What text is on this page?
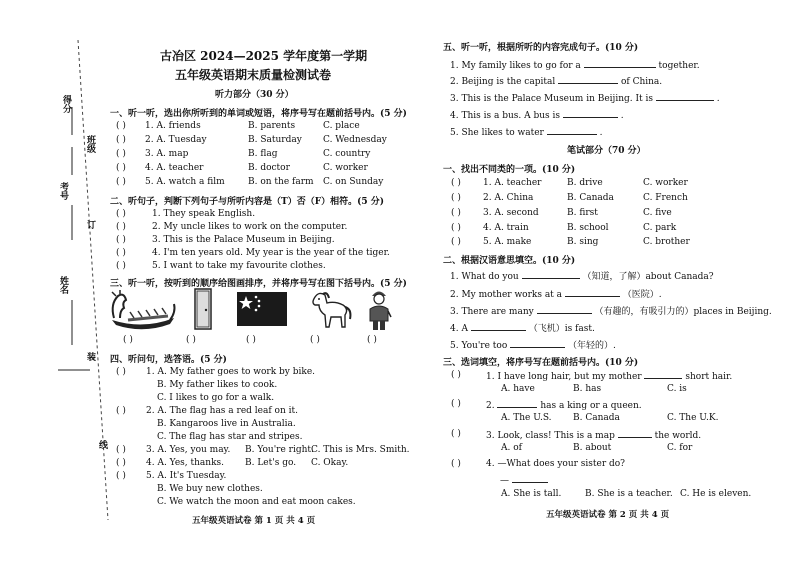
得分
班级
考号
订
姓名
装
线
古冶区 2024—2025 学年度第一学期
五年级英语期末质量检测试卷
听力部分（30 分）
一、听一听，选出你所听到的单词或短语，将序号写在题前括号内。(5 分)
( ) 1. A. friends	B. parents	C. place
( ) 2. A. Tuesday	B. Saturday C. Wednesday
( ) 3. A. map	B. flag	C. country
( ) 4. A. teacher	B. doctor	C. worker
( ) 5. A. watch a film	B. on the farm C. on Sunday
二、听句子，判断下列句子与所听内容是（T）否（F）相符。(5 分)
( )	1. They speak English.
( )	2. My uncle likes to work on the computer.
( )	3. This is the Palace Museum in Beijing.
( )	4. I'm ten years old. My year is the year of the tiger.
( )	5. I want to take my favourite clothes.
三、听一听，按听到的顺序给图画排序，并将序号写在图下括号内。(5 分)
( )	( )	( )	( )	( )
四、听问句，选答语。(5 分)
( ) 1. A. My father goes to work by bike.
B. My father likes to cook.
C. I likes to go for a walk.
( ) 2. A. The flag has a red leaf on it.
B. Kangaroos live in Australia.
C. The flag has star and stripes.
( ) 3. A. Yes, you may. B. You're right.
C. This is Mrs. Smith.
( ) 4. A. Yes, thanks. B. Let's go. C. Okay.
( ) 5. A. It's Tuesday.
B. We buy new clothes.
C. We watch the moon and eat moon cakes.
五年级英语试卷 第 1 页 共 4 页
五、听一听，根据所听的内容完成句子。(10 分)
1. My family likes to go for a	together.
2. Beijing is the capital	of China.
3. This is the Palace Museum in Beijing. It is	.
4. This is a bus. A bus is	.
5. She likes to water	.
笔试部分（70 分）
一、找出不同类的一项。(10 分)
( ) 1. A. teacher	B. drive	C. worker
( ) 2. A. China	B. Canada	C. French
( ) 3. A. second	B. first	C. five
( ) 4. A. train	B. school	C. park
( ) 5. A. make	B. sing	C. brother
二、根据汉语意思填空。(10 分)
1. What do you	（知道，了解）about Canada?
2. My mother works at a	（医院）.
3. There are many	（有趣的，有吸引力的）places in Beijing.
4. A	（飞机）is fast.
5. You're too	（年轻的）.
三、选词填空，将序号写在题前括号内。(10 分)
( )	1. I have long hair, but my mother	short hair.
A. have	B. has	C. is
( )	2.	has a king or a queen.
A. The U.S. B. Canada	C. The U.K.
( )	3. Look, class! This is a map	the world.
A. of	B. about	C. for
( )	4. —What does your sister do?
—
A. She is tall.	B. She is a teacher. C. He is eleven.
五年级英语试卷 第 2 页 共 4 页
